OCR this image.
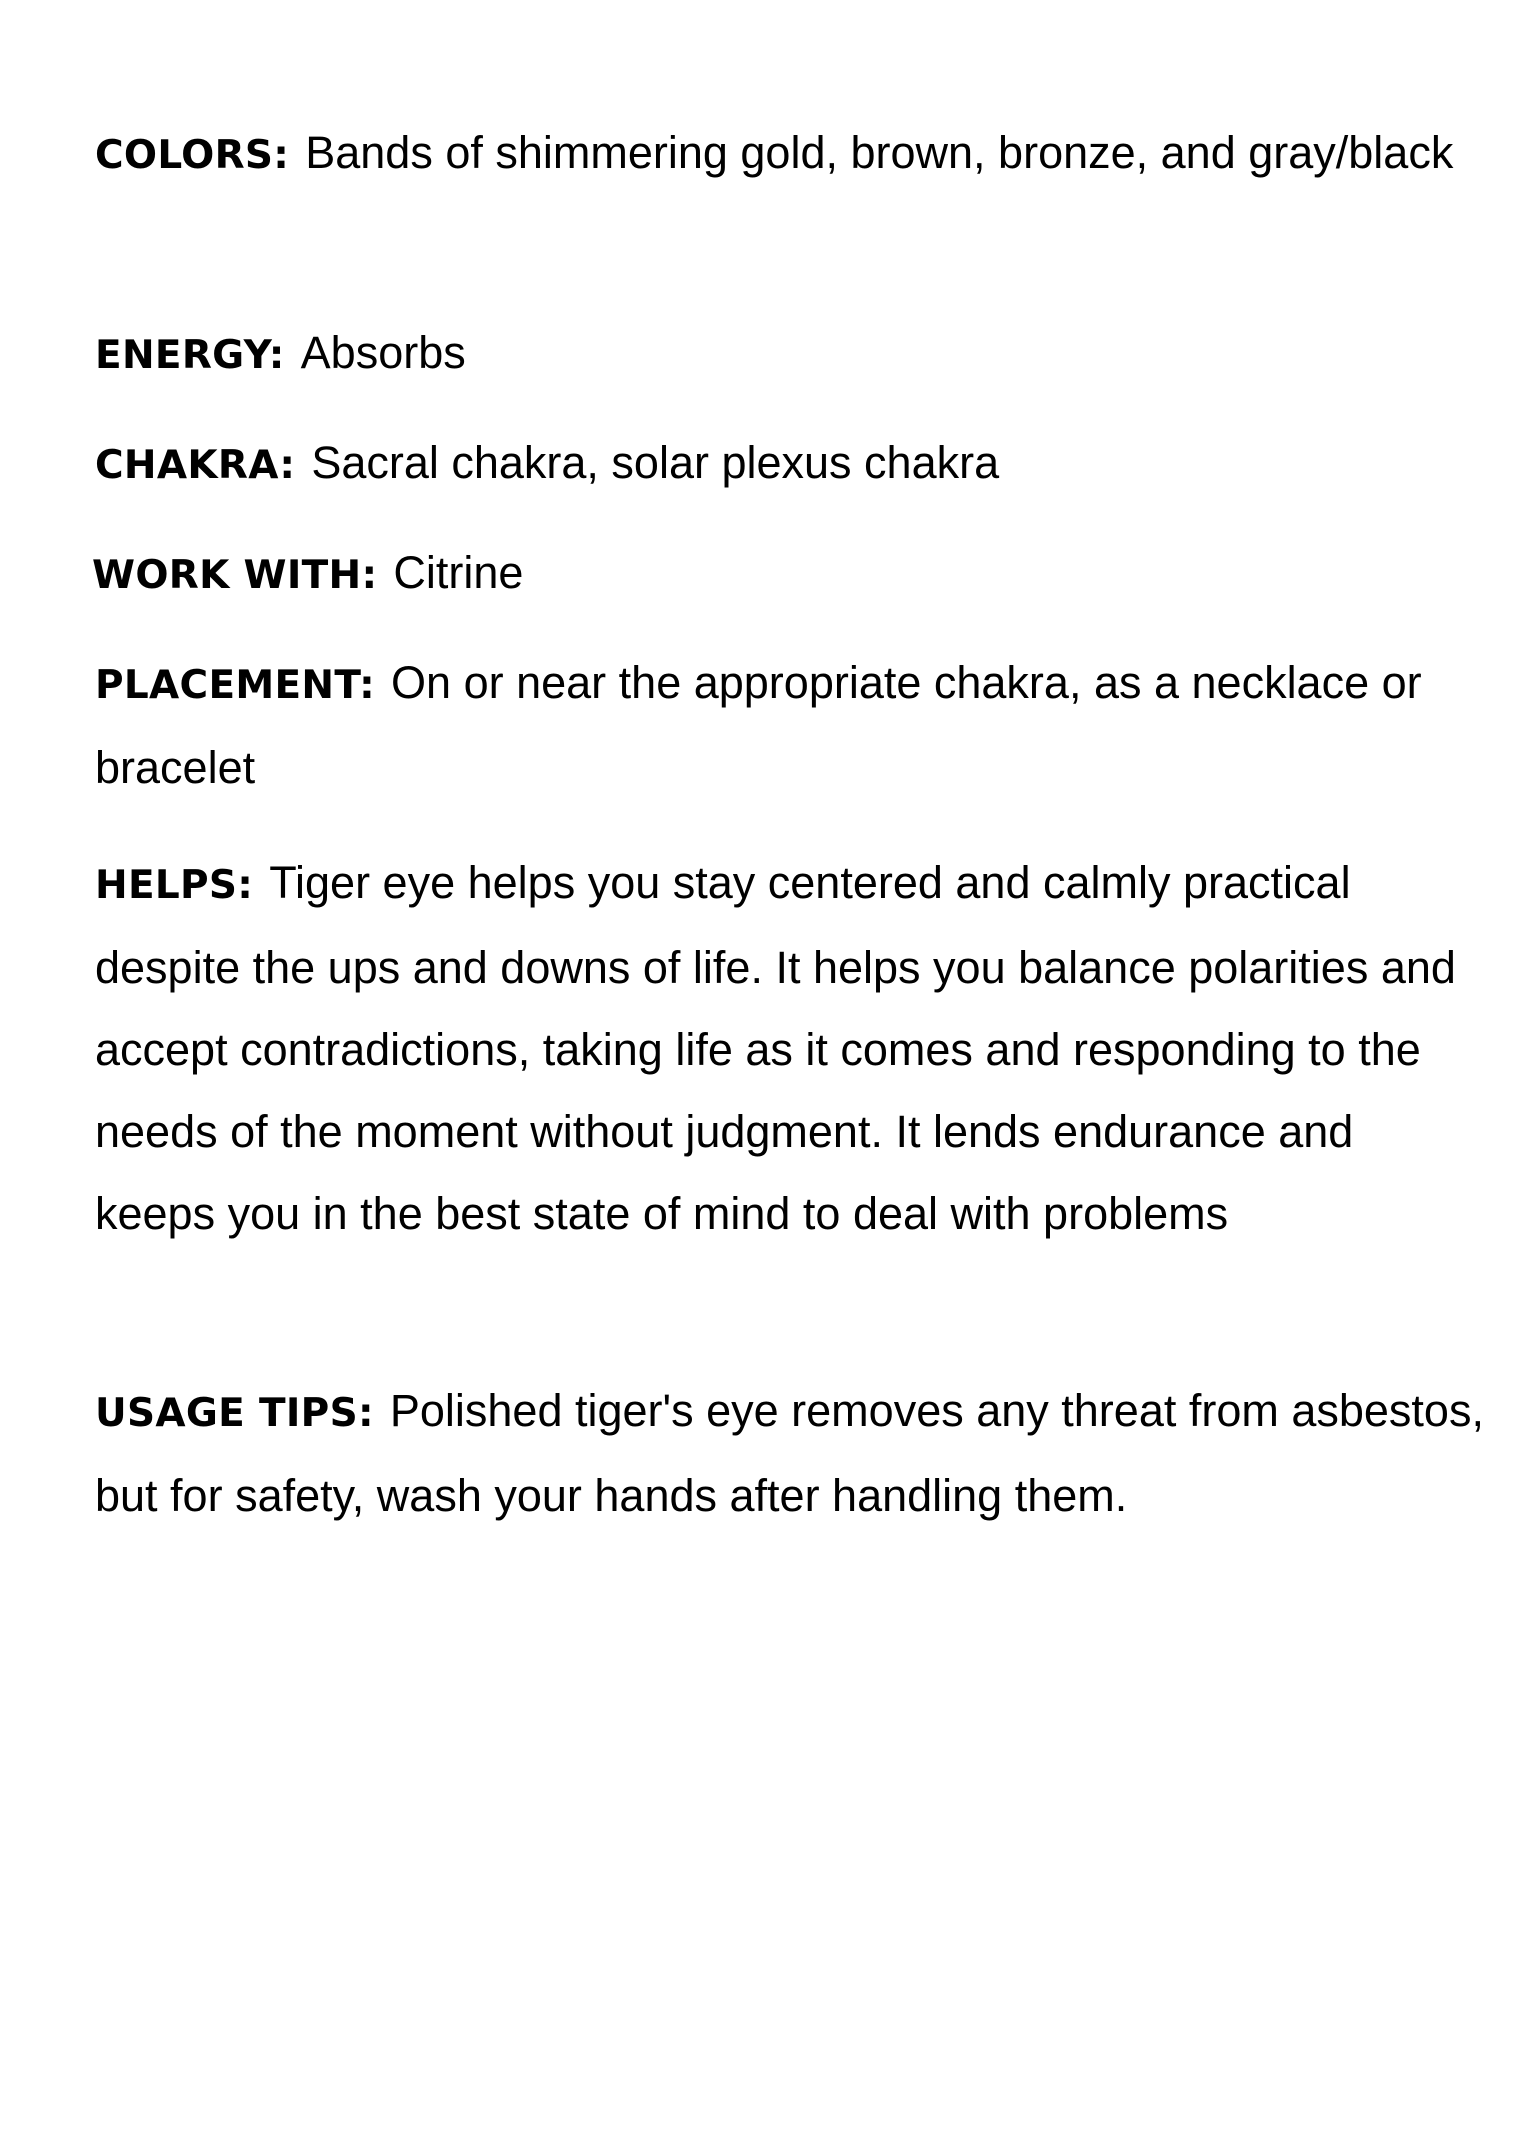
COLORS: Bands of shimmering gold, brown, bronze, and gray/black

ENERGY: Absorbs

CHAKRA: Sacral chakra, solar plexus chakra

WORK WITH: Citrine

PLACEMENT: On or near the appropriate chakra, as a necklace or bracelet

HELPS: Tiger eye helps you stay centered and calmly practical despite the ups and downs of life. It helps you balance polarities and accept contradictions, taking life as it comes and responding to the needs of the moment without judgment. It lends endurance and keeps you in the best state of mind to deal with problems

USAGE TIPS: Polished tiger's eye removes any threat from asbestos, but for safety, wash your hands after handling them.
